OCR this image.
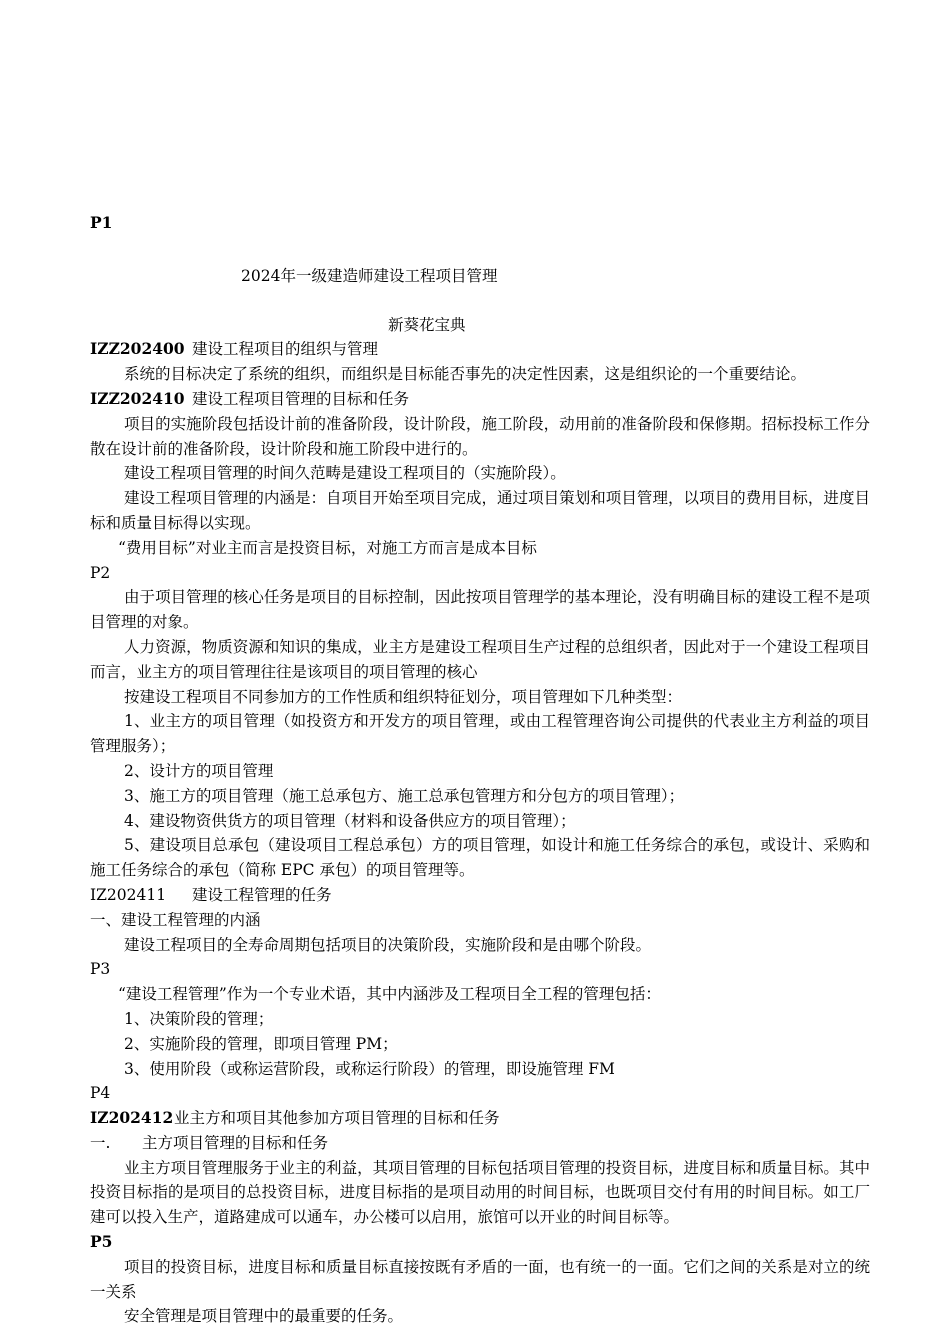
P1

2024年一级建造师建设工程项目管理

新葵花宝典

IZZ202400 建设工程项目的组织与管理

系统的目标决定了系统的组织，而组织是目标能否事先的决定性因素，这是组织论的一个重要结论。

IZZ202410 建设工程项目管理的目标和任务

项目的实施阶段包括设计前的准备阶段，设计阶段，施工阶段，动用前的准备阶段和保修期。招标投标工作分散在设计前的准备阶段，设计阶段和施工阶段中进行的。

建设工程项目管理的时间久范畴是建设工程项目的（实施阶段）。

建设工程项目管理的内涵是：自项目开始至项目完成，通过项目策划和项目管理，以项目的费用目标，进度目标和质量目标得以实现。

“费用目标”对业主而言是投资目标，对施工方而言是成本目标

P2

由于项目管理的核心任务是项目的目标控制，因此按项目管理学的基本理论，没有明确目标的建设工程不是项目管理的对象。

人力资源，物质资源和知识的集成，业主方是建设工程项目生产过程的总组织者，因此对于一个建设工程项目而言，业主方的项目管理往往是该项目的项目管理的核心

按建设工程项目不同参加方的工作性质和组织特征划分，项目管理如下几种类型：

1、业主方的项目管理（如投资方和开发方的项目管理，或由工程管理咨询公司提供的代表业主方利益的项目管理服务）；

2、设计方的项目管理

3、施工方的项目管理（施工总承包方、施工总承包管理方和分包方的项目管理）；

4、建设物资供货方的项目管理（材料和设备供应方的项目管理）；

5、建设项目总承包（建设项目工程总承包）方的项目管理，如设计和施工任务综合的承包，或设计、采购和施工任务综合的承包（简称 EPC 承包）的项目管理等。

IZ202411 建设工程管理的任务

一、建设工程管理的内涵

建设工程项目的全寿命周期包括项目的决策阶段，实施阶段和是由哪个阶段。

P3

“建设工程管理”作为一个专业术语，其中内涵涉及工程项目全工程的管理包括：

1、决策阶段的管理；

2、实施阶段的管理，即项目管理 PM；

3、使用阶段（或称运营阶段，或称运行阶段）的管理，即设施管理 FM

P4

IZ202412业主方和项目其他参加方项目管理的目标和任务

一. 主方项目管理的目标和任务

业主方项目管理服务于业主的利益，其项目管理的目标包括项目管理的投资目标，进度目标和质量目标。其中投资目标指的是项目的总投资目标，进度目标指的是项目动用的时间目标，也既项目交付有用的时间目标。如工厂建可以投入生产，道路建成可以通车，办公楼可以启用，旅馆可以开业的时间目标等。

P5

项目的投资目标，进度目标和质量目标直接按既有矛盾的一面，也有统一的一面。它们之间的关系是对立的统一关系

安全管理是项目管理中的最重要的任务。
